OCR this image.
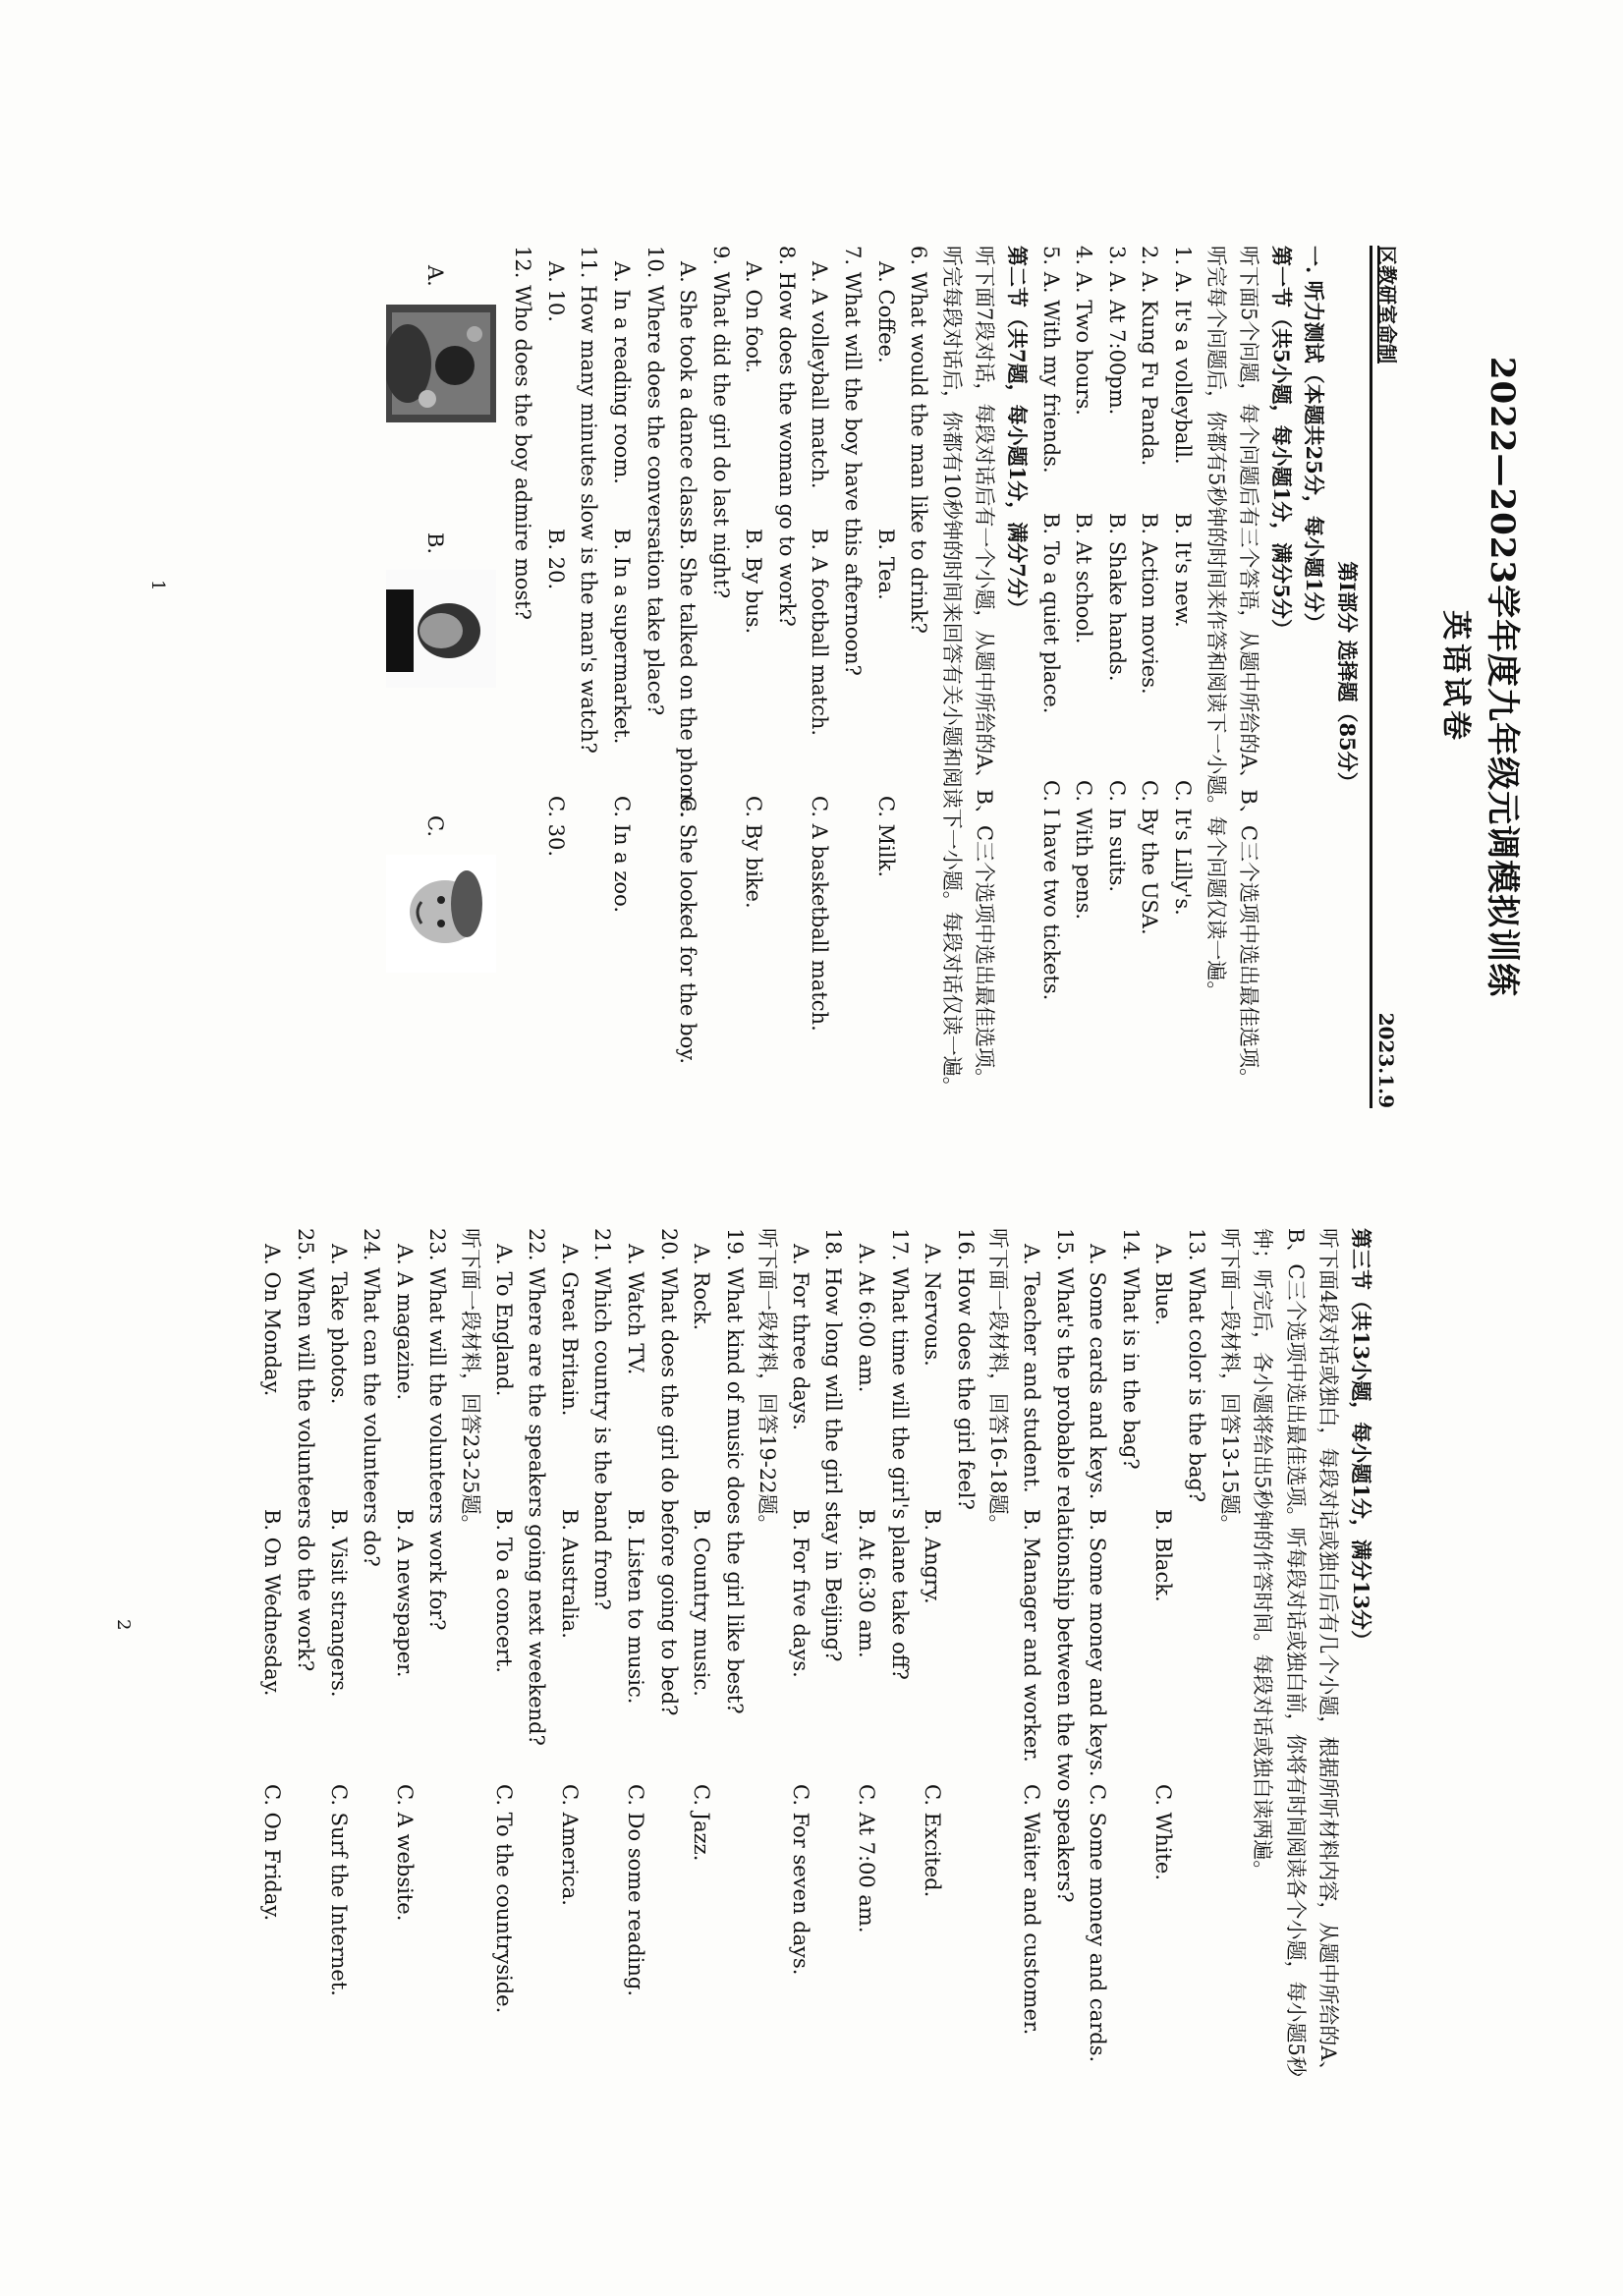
2022—2023学年度九年级元调模拟训练
英语试卷
区教研室命制
2023.1.9
第Ⅰ部分 选择题（85分）
一. 听力测试（本题共25分，每小题1分）
第一节（共5小题，每小题1分，满分5分）
听下面5个问题，每个问题后有三个答语，从题中所给的A、B、C三个选项中选出最佳选项。
听完每个问题后，你都有5秒钟的时间来作答和阅读下一小题。每个问题仅读一遍。
1. A. It's a volleyball.
B. It's new.
C. It's Lilly's.
2. A. Kung Fu Panda.
B. Action movies.
C. By the USA.
3. A. At 7:00pm.
B. Shake hands.
C. In suits.
4. A. Two hours.
B. At school.
C. With pens.
5. A. With my friends.
B. To a quiet place.
C. I have two tickets.
第二节（共7题，每小题1分，满分7分）
听下面7段对话，每段对话后有一个小题，从题中所给的A、B、C三个选项中选出最佳选项。
听完每段对话后，你都有10秒钟的时间来回答有关小题和阅读下一小题。每段对话仅读一遍。
6. What would the man like to drink?
A. Coffee.
B. Tea.
C. Milk.
7. What will the boy have this afternoon?
A. A volleyball match.
B. A football match.
C. A basketball match.
8. How does the woman go to work?
A. On foot.
B. By bus.
C. By bike.
9. What did the girl do last night?
A. She took a dance class.
B. She talked on the phone.
C. She looked for the boy.
10. Where does the conversation take place?
A. In a reading room.
B. In a supermarket.
C. In a zoo.
11. How many minutes slow is the man's watch?
A. 10.
B. 20.
C. 30.
12. Who does the boy admire most?
A.
B.
C.
1
第三节（共13小题，每小题1分，满分13分）
听下面4段对话或独白，每段对话或独白后有几个小题，根据所听材料内容，从题中所给的A、
B、C三个选项中选出最佳选项。听每段对话或独白前，你将有时间阅读各个小题，每小题5秒
钟；听完后，各小题将给出5秒钟的作答时间。每段对话或独白读两遍。
听下面一段材料，回答13-15题。
13. What color is the bag?
A. Blue.
B. Black.
C. White.
14. What is in the bag?
A. Some cards and keys.
B. Some money and keys.
C. Some money and cards.
15. What's the probable relationship between the two speakers?
A. Teacher and student.
B. Manager and worker.
C. Waiter and customer.
听下面一段材料，回答16-18题。
16. How does the girl feel?
A. Nervous.
B. Angry.
C. Excited.
17. What time will the girl's plane take off?
A. At 6:00 am.
B. At 6:30 am.
C. At 7:00 am.
18. How long will the girl stay in Beijing?
A. For three days.
B. For five days.
C. For seven days.
听下面一段材料，回答19-22题。
19. What kind of music does the girl like best?
A. Rock.
B. Country music.
C. Jazz.
20. What does the girl do before going to bed?
A. Watch TV.
B. Listen to music.
C. Do some reading.
21. Which country is the band from?
A. Great Britain.
B. Australia.
C. America.
22. Where are the speakers going next weekend?
A. To England.
B. To a concert.
C. To the countryside.
听下面一段材料，回答23-25题。
23. What will the volunteers work for?
A. A magazine.
B. A newspaper.
C. A website.
24. What can the volunteers do?
A. Take photos.
B. Visit strangers.
C. Surf the Internet.
25. When will the volunteers do the work?
A. On Monday.
B. On Wednesday.
C. On Friday.
2
